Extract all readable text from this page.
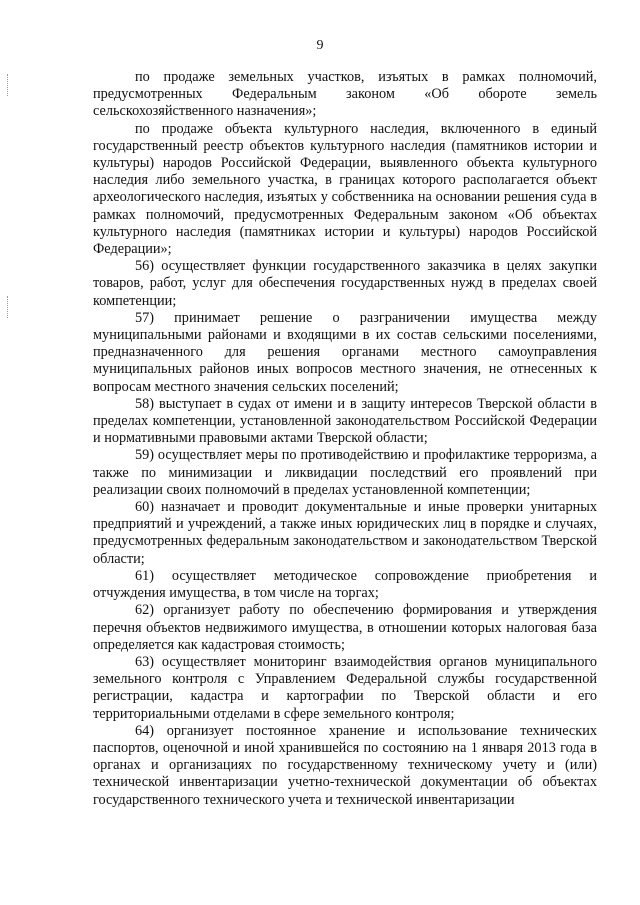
9

по продаже земельных участков, изъятых в рамках полномочий, предусмотренных Федеральным законом «Об обороте земель сельскохозяйственного назначения»;

по продаже объекта культурного наследия, включенного в единый государственный реестр объектов культурного наследия (памятников истории и культуры) народов Российской Федерации, выявленного объекта культурного наследия либо земельного участка, в границах которого располагается объект археологического наследия, изъятых у собственника на основании решения суда в рамках полномочий, предусмотренных Федеральным законом «Об объектах культурного наследия (памятниках истории и культуры) народов Российской Федерации»;

56) осуществляет функции государственного заказчика в целях закупки товаров, работ, услуг для обеспечения государственных нужд в пределах своей компетенции;

57) принимает решение о разграничении имущества между муниципальными районами и входящими в их состав сельскими поселениями, предназначенного для решения органами местного самоуправления муниципальных районов иных вопросов местного значения, не отнесенных к вопросам местного значения сельских поселений;

58) выступает в судах от имени и в защиту интересов Тверской области в пределах компетенции, установленной законодательством Российской Федерации и нормативными правовыми актами Тверской области;

59) осуществляет меры по противодействию и профилактике терроризма, а также по минимизации и ликвидации последствий его проявлений при реализации своих полномочий в пределах установленной компетенции;

60) назначает и проводит документальные и иные проверки унитарных предприятий и учреждений, а также иных юридических лиц в порядке и случаях, предусмотренных федеральным законодательством и законодательством Тверской области;

61) осуществляет методическое сопровождение приобретения и отчуждения имущества, в том числе на торгах;

62) организует работу по обеспечению формирования и утверждения перечня объектов недвижимого имущества, в отношении которых налоговая база определяется как кадастровая стоимость;

63) осуществляет мониторинг взаимодействия органов муниципального земельного контроля с Управлением Федеральной службы государственной регистрации, кадастра и картографии по Тверской области и его территориальными отделами в сфере земельного контроля;

64) организует постоянное хранение и использование технических паспортов, оценочной и иной хранившейся по состоянию на 1 января 2013 года в органах и организациях по государственному техническому учету и (или) технической инвентаризации учетно-технической документации об объектах государственного технического учета и технической инвентаризации
